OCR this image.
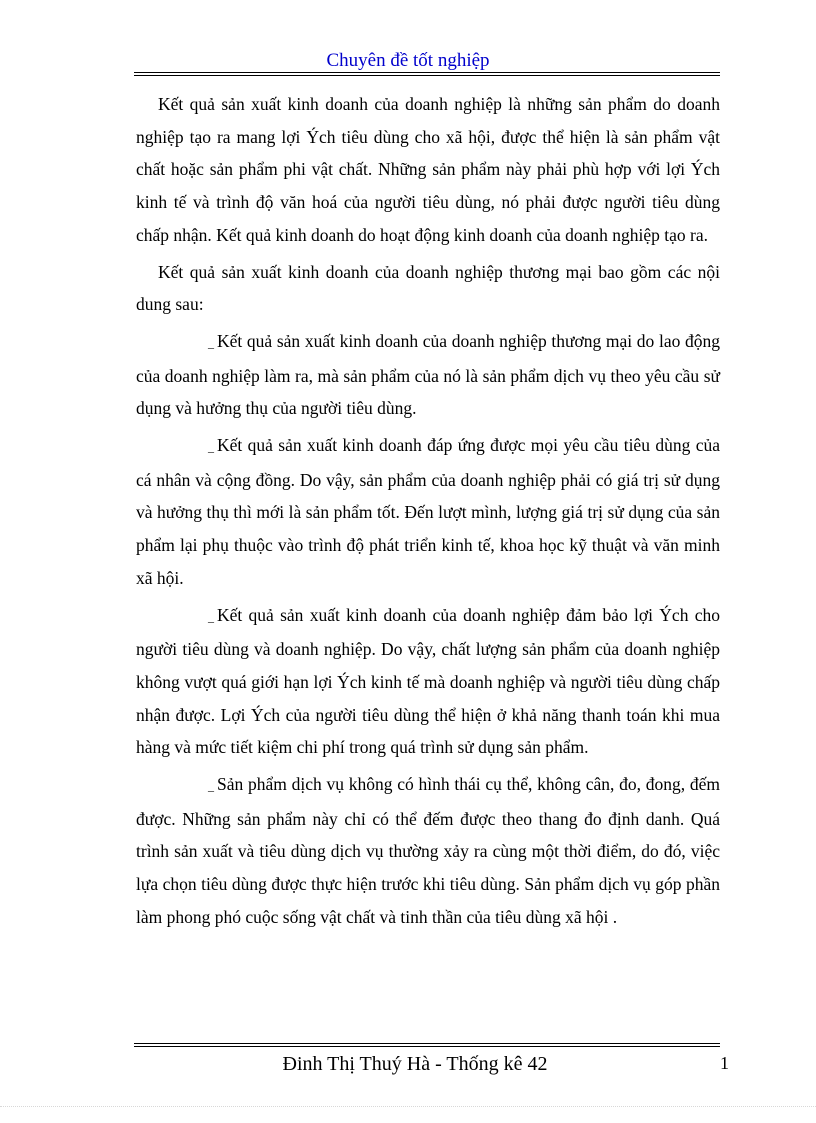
Chuyên đề tốt nghiệp

Kết quả sản xuất kinh doanh của doanh nghiệp là những sản phẩm do doanh nghiệp tạo ra mang lợi Ých tiêu dùng cho xã hội, được thể hiện là sản phẩm vật chất hoặc sản phẩm phi vật chất. Những sản phẩm này phải phù hợp với lợi Ých kinh tế và trình độ văn hoá của người tiêu dùng, nó phải được người tiêu dùng chấp nhận. Kết quả kinh doanh do hoạt động kinh doanh của doanh nghiệp tạo ra.

Kết quả sản xuất kinh doanh của doanh nghiệp thương mại bao gồm các nội dung sau:

_ Kết quả sản xuất kinh doanh của doanh nghiệp thương mại do lao động của doanh nghiệp làm ra, mà sản phẩm của nó là sản phẩm dịch vụ theo yêu cầu sử dụng và hưởng thụ của người tiêu dùng.

_ Kết quả sản xuất kinh doanh đáp ứng được mọi yêu cầu tiêu dùng của cá nhân và cộng đồng. Do vậy, sản phẩm của doanh nghiệp phải có giá trị sử dụng và hưởng thụ thì mới là sản phẩm tốt. Đến lượt mình, lượng giá trị sử dụng của sản phẩm lại phụ thuộc vào trình độ phát triển kinh tế, khoa học kỹ thuật và văn minh xã hội.

_ Kết quả sản xuất kinh doanh của doanh nghiệp đảm bảo lợi Ých cho người tiêu dùng và doanh nghiệp. Do vậy, chất lượng sản phẩm của doanh nghiệp không vượt quá giới hạn lợi Ých kinh tế mà doanh nghiệp và người tiêu dùng chấp nhận được. Lợi Ých của người tiêu dùng thể hiện ở khả năng thanh toán khi mua hàng và mức tiết kiệm chi phí trong quá trình sử dụng sản phẩm.

_ Sản phẩm dịch vụ không có hình thái cụ thể, không cân, đo, đong, đếm được. Những sản phẩm này chỉ có thể đếm được theo thang đo định danh. Quá trình sản xuất và tiêu dùng dịch vụ thường xảy ra cùng một thời điểm, do đó, việc lựa chọn tiêu dùng được thực hiện trước khi tiêu dùng. Sản phẩm dịch vụ góp phần làm phong phó cuộc sống vật chất và tinh thần của tiêu dùng xã hội .

Đinh Thị Thuý Hà - Thống kê 42	1
